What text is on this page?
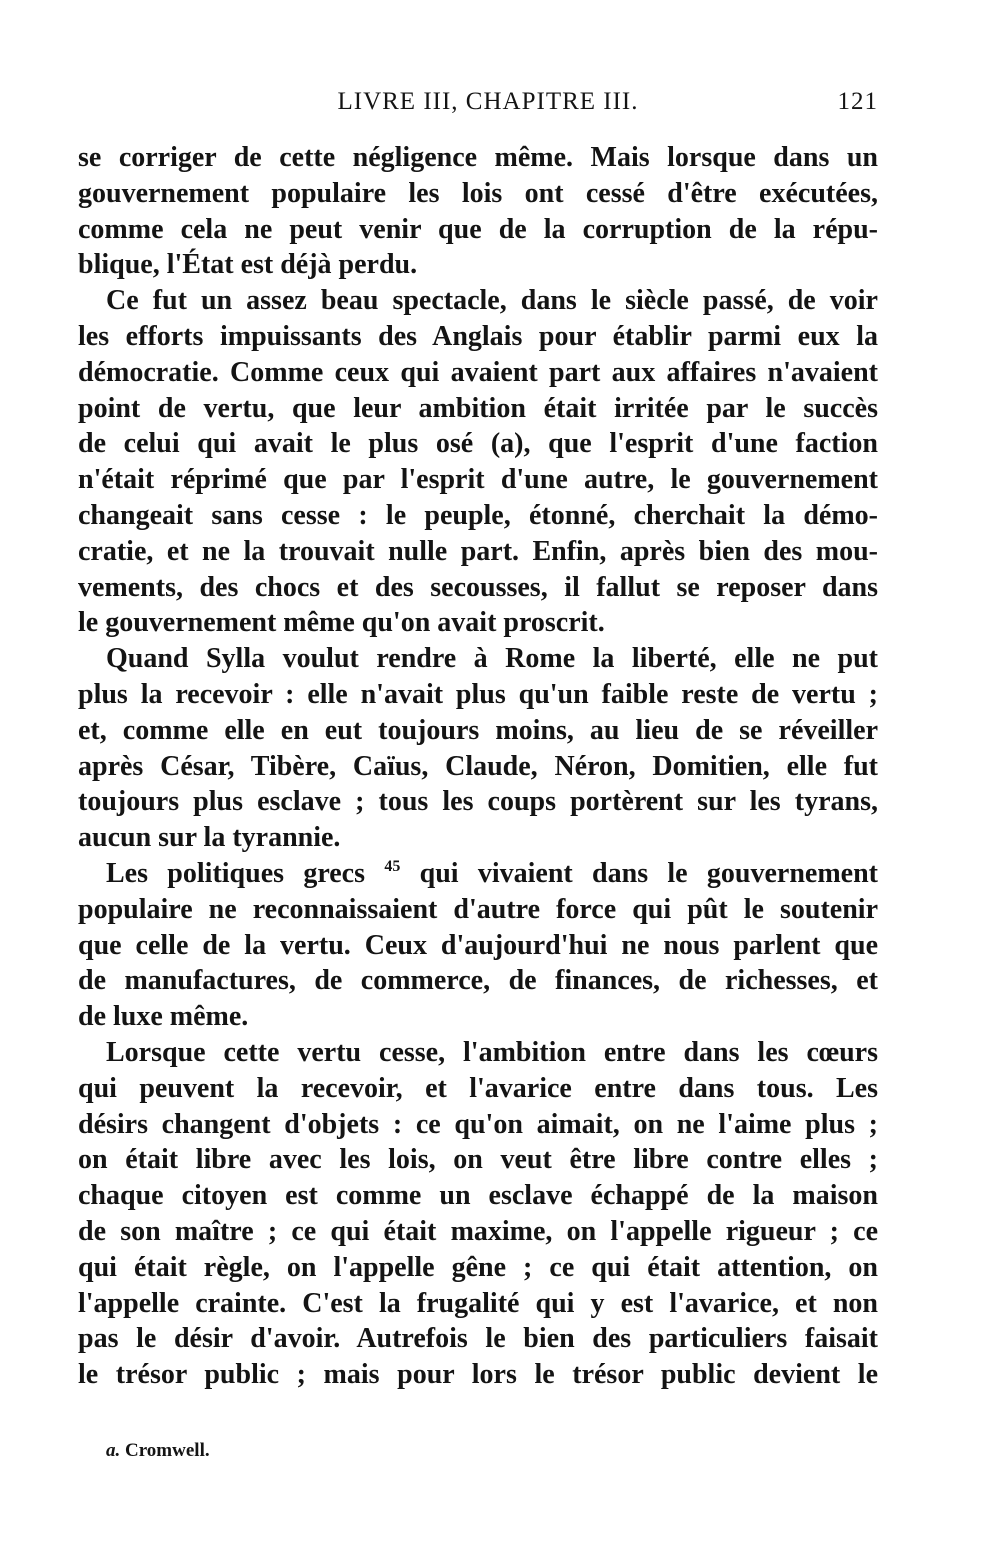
LIVRE III, CHAPITRE III.	121
se corriger de cette négligence même. Mais lorsque dans un
gouvernement populaire les lois ont cessé d'être exécutées,
comme cela ne peut venir que de la corruption de la répu-
blique, l'État est déjà perdu.
Ce fut un assez beau spectacle, dans le siècle passé, de voir
les efforts impuissants des Anglais pour établir parmi eux la
démocratie. Comme ceux qui avaient part aux affaires n'avaient
point de vertu, que leur ambition était irritée par le succès
de celui qui avait le plus osé (a), que l'esprit d'une faction
n'était réprimé que par l'esprit d'une autre, le gouvernement
changeait sans cesse : le peuple, étonné, cherchait la démo-
cratie, et ne la trouvait nulle part. Enfin, après bien des mou-
vements, des chocs et des secousses, il fallut se reposer dans
le gouvernement même qu'on avait proscrit.
Quand Sylla voulut rendre à Rome la liberté, elle ne put
plus la recevoir : elle n'avait plus qu'un faible reste de vertu ;
et, comme elle en eut toujours moins, au lieu de se réveiller
après César, Tibère, Caïus, Claude, Néron, Domitien, elle fut
toujours plus esclave ; tous les coups portèrent sur les tyrans,
aucun sur la tyrannie.
Les politiques grecs $^{45}$ qui vivaient dans le gouvernement
populaire ne reconnaissaient d'autre force qui pût le soutenir
que celle de la vertu. Ceux d'aujourd'hui ne nous parlent que
de manufactures, de commerce, de finances, de richesses, et
de luxe même.
Lorsque cette vertu cesse, l'ambition entre dans les cœurs
qui peuvent la recevoir, et l'avarice entre dans tous. Les
désirs changent d'objets : ce qu'on aimait, on ne l'aime plus ;
on était libre avec les lois, on veut être libre contre elles ;
chaque citoyen est comme un esclave échappé de la maison
de son maître ; ce qui était maxime, on l'appelle rigueur ; ce
qui était règle, on l'appelle gêne ; ce qui était attention, on
l'appelle crainte. C'est la frugalité qui y est l'avarice, et non
pas le désir d'avoir. Autrefois le bien des particuliers faisait
le trésor public ; mais pour lors le trésor public devient le
a. Cromwell.
